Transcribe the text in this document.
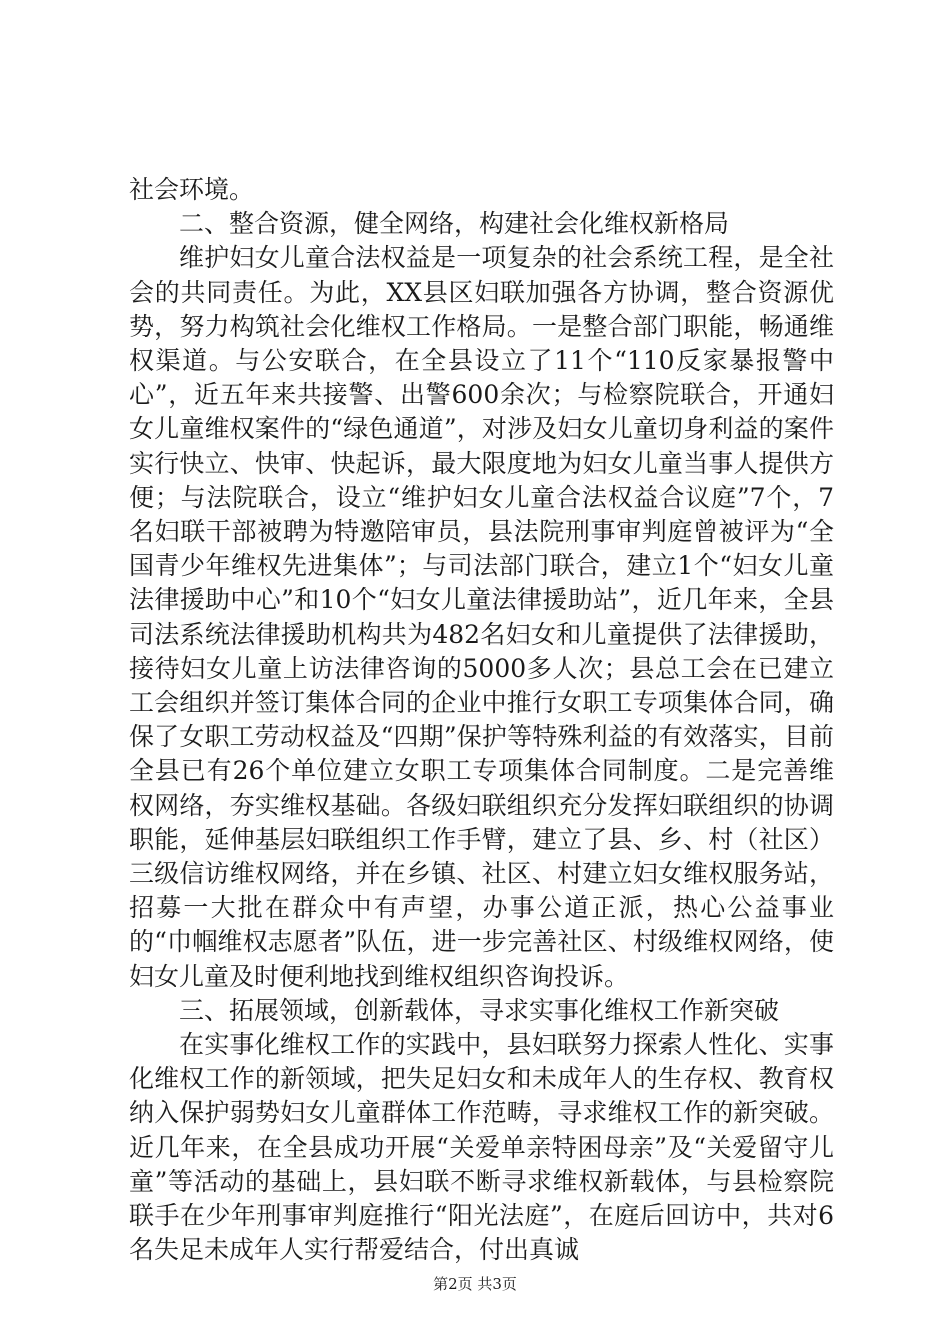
社会环境。

二、整合资源，健全网络，构建社会化维权新格局

维护妇女儿童合法权益是一项复杂的社会系统工程，是全社会的共同责任。为此，XX县区妇联加强各方协调，整合资源优势，努力构筑社会化维权工作格局。一是整合部门职能，畅通维权渠道。与公安联合，在全县设立了11个“110反家暴报警中心”，近五年来共接警、出警600余次；与检察院联合，开通妇女儿童维权案件的“绿色通道”，对涉及妇女儿童切身利益的案件实行快立、快审、快起诉，最大限度地为妇女儿童当事人提供方便；与法院联合，设立“维护妇女儿童合法权益合议庭”7个，7名妇联干部被聘为特邀陪审员，县法院刑事审判庭曾被评为“全国青少年维权先进集体”；与司法部门联合，建立1个“妇女儿童法律援助中心”和10个“妇女儿童法律援助站”，近几年来，全县司法系统法律援助机构共为482名妇女和儿童提供了法律援助，接待妇女儿童上访法律咨询的5000多人次；县总工会在已建立工会组织并签订集体合同的企业中推行女职工专项集体合同，确保了女职工劳动权益及“四期”保护等特殊利益的有效落实，目前全县已有26个单位建立女职工专项集体合同制度。二是完善维权网络，夯实维权基础。各级妇联组织充分发挥妇联组织的协调职能，延伸基层妇联组织工作手臂，建立了县、乡、村（社区）三级信访维权网络，并在乡镇、社区、村建立妇女维权服务站，招募一大批在群众中有声望，办事公道正派，热心公益事业的“巾帼维权志愿者”队伍，进一步完善社区、村级维权网络，使妇女儿童及时便利地找到维权组织咨询投诉。

三、拓展领域，创新载体，寻求实事化维权工作新突破

在实事化维权工作的实践中，县妇联努力探索人性化、实事化维权工作的新领域，把失足妇女和未成年人的生存权、教育权纳入保护弱势妇女儿童群体工作范畴，寻求维权工作的新突破。近几年来，在全县成功开展“关爱单亲特困母亲”及“关爱留守儿童”等活动的基础上，县妇联不断寻求维权新载体，与县检察院联手在少年刑事审判庭推行“阳光法庭”，在庭后回访中，共对6名失足未成年人实行帮爱结合，付出真诚

第2页 共3页
